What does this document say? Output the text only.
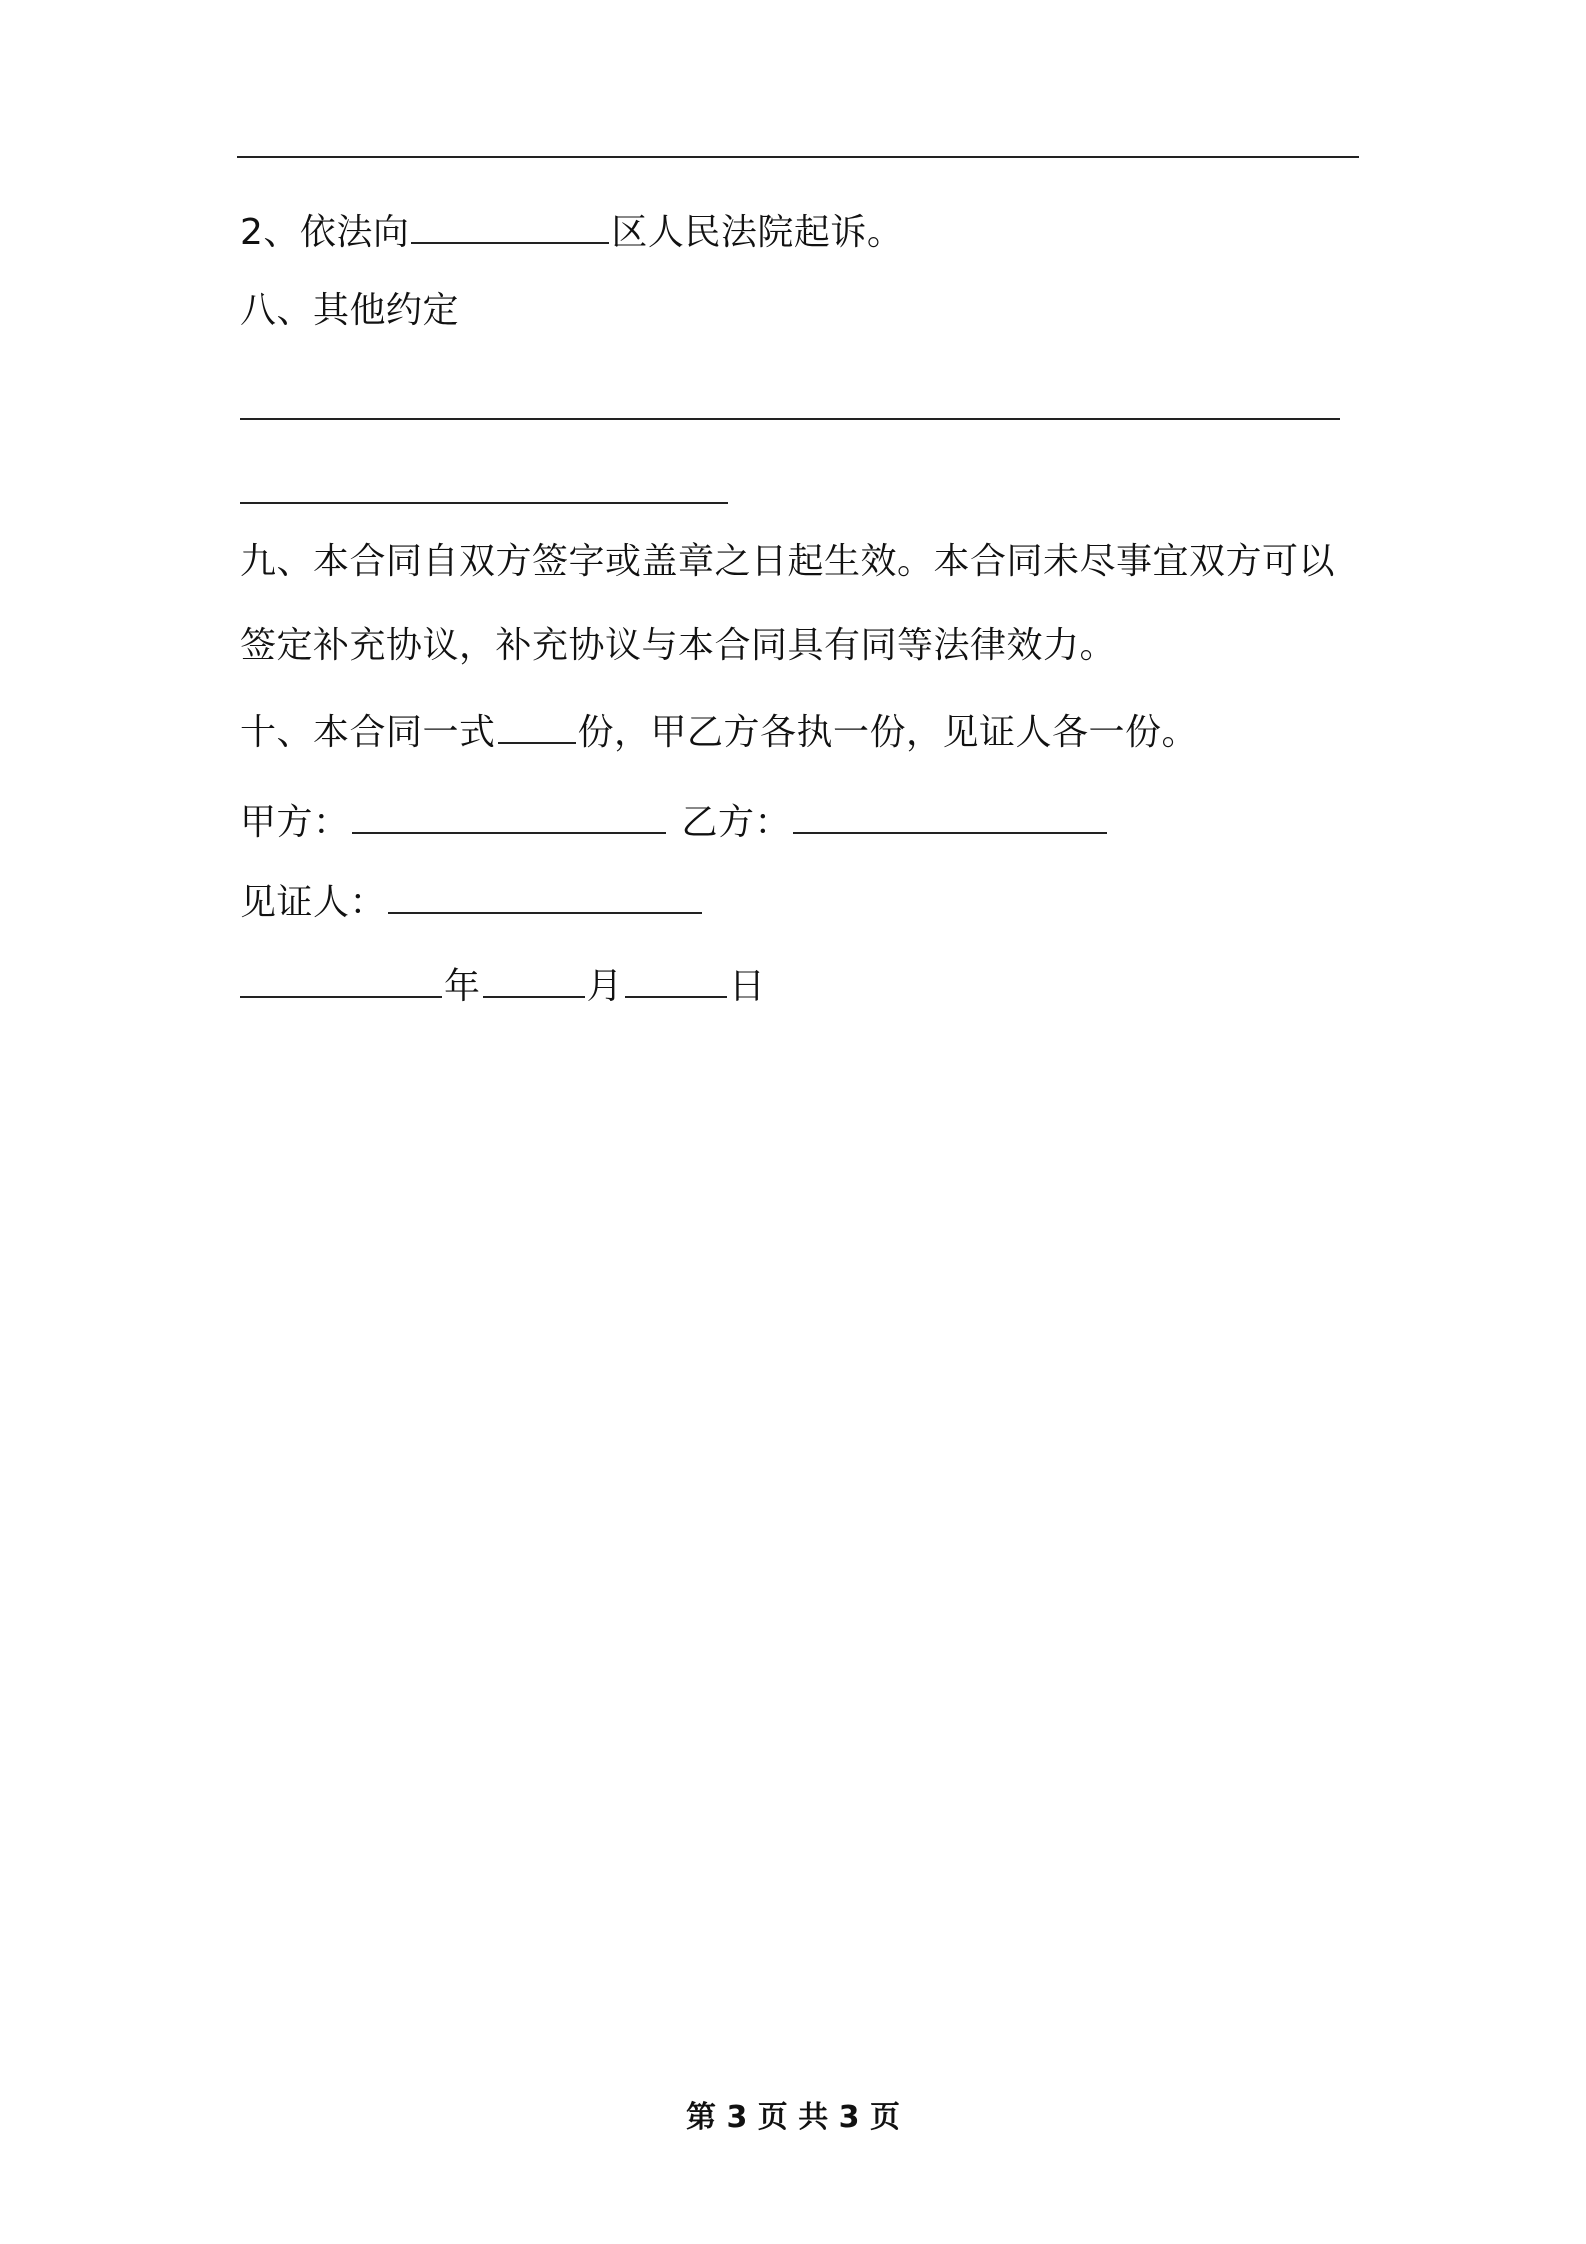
2、依法向	区人民法院起诉。
八、其他约定
九、本合同自双方签字或盖章之日起生效。本合同未尽事宜双方可以
签定补充协议，补充协议与本合同具有同等法律效力。
十、本合同一式 份，甲乙方各执一份，见证人各一份。
甲方：	乙方：
见证人：
年	月	日
第 3 页 共 3 页
